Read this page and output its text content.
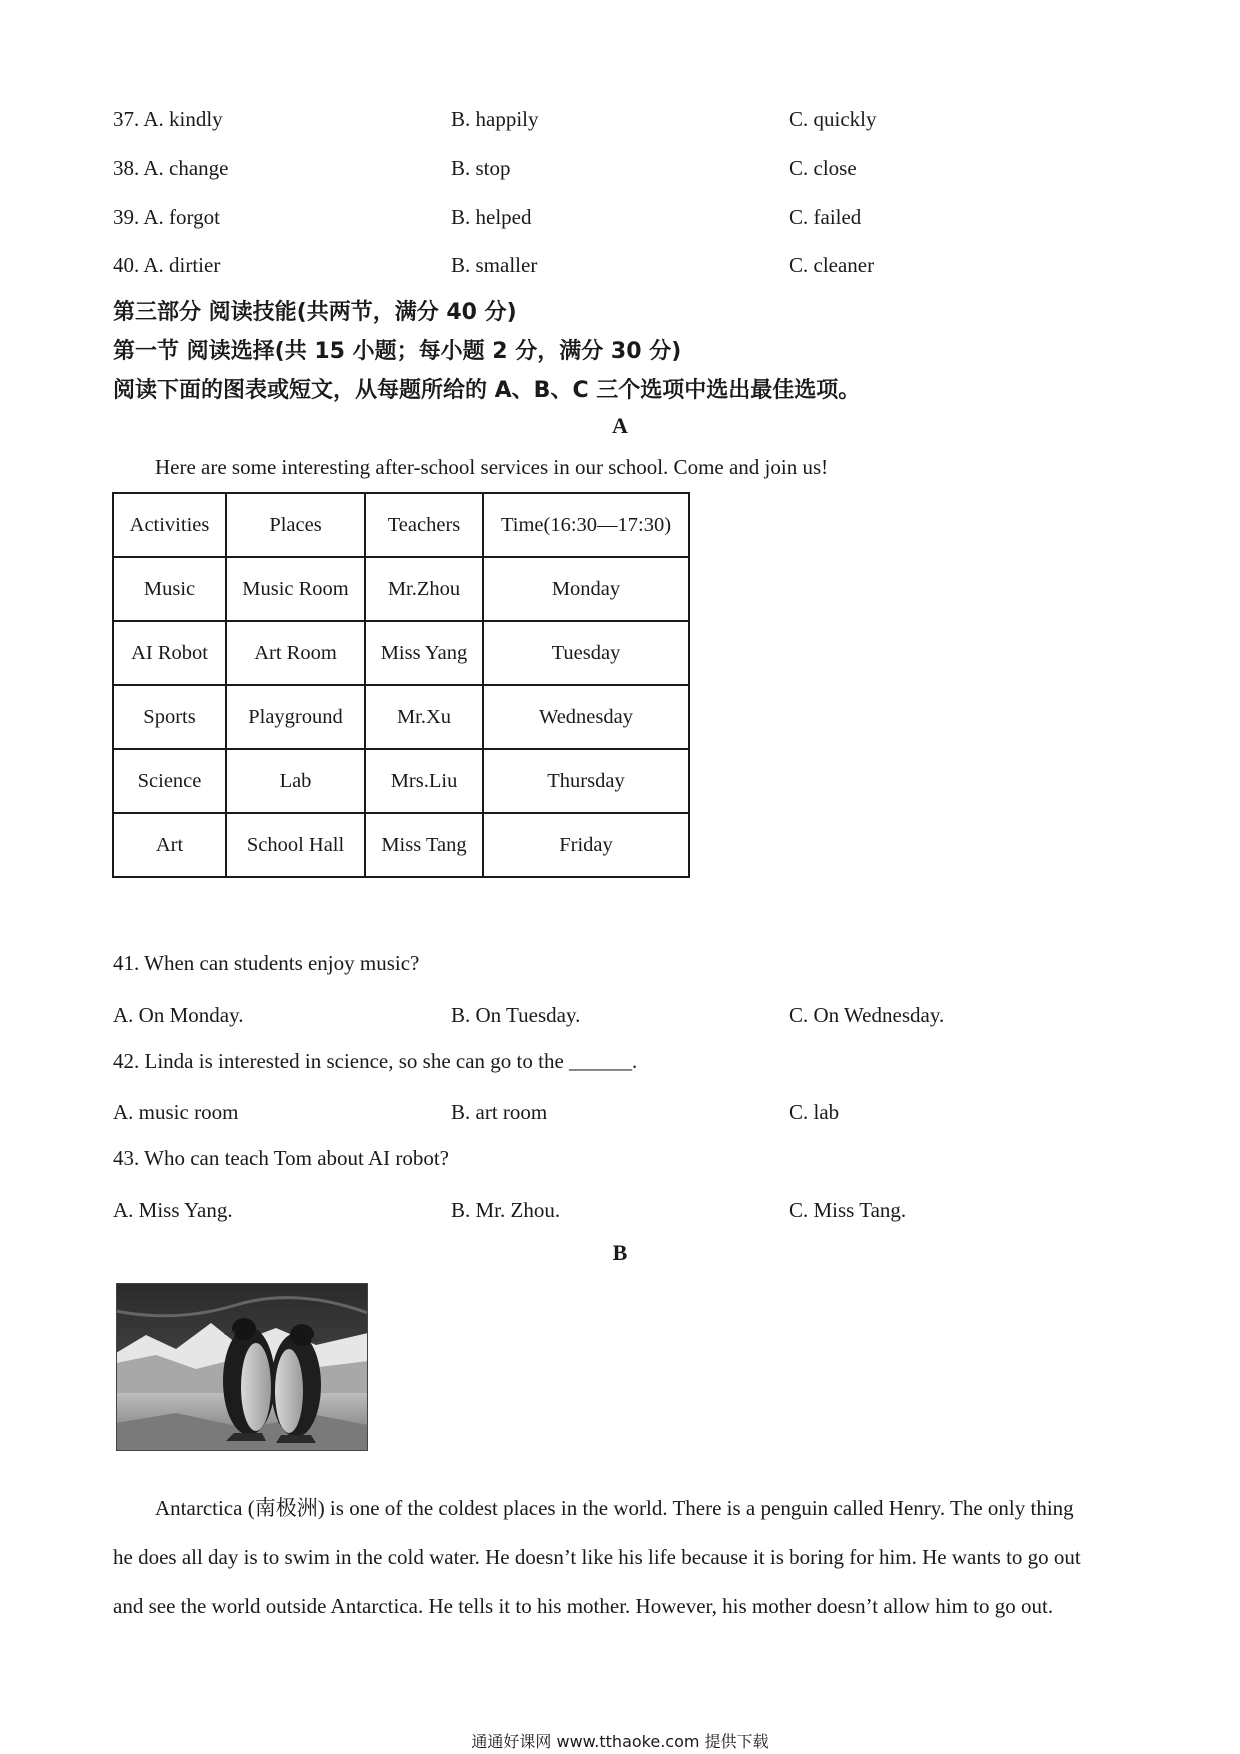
37. A. kindly	B. happily	C. quickly
38. A. change	B. stop	C. close
39. A. forgot	B. helped	C. failed
40. A. dirtier	B. smaller	C. cleaner
第三部分 阅读技能(共两节，满分 40 分)
第一节 阅读选择(共 15 小题；每小题 2 分，满分 30 分)
阅读下面的图表或短文，从每题所给的 A、B、C 三个选项中选出最佳选项。
A
Here are some interesting after-school services in our school. Come and join us!
Activities	Places	Teachers	Time(16:30—17:30)
Music	Music Room	Mr.Zhou	Monday
AI Robot	Art Room	Miss Yang	Tuesday
Sports	Playground	Mr.Xu	Wednesday
Science	Lab	Mrs.Liu	Thursday
Art	School Hall	Miss Tang	Friday
41. When can students enjoy music?
A. On Monday.	B. On Tuesday.	C. On Wednesday.
42. Linda is interested in science, so she can go to the ______.
A. music room	B. art room	C. lab
43. Who can teach Tom about AI robot?
A. Miss Yang.	B. Mr. Zhou.	C. Miss Tang.
B

Antarctica (南极洲) is one of the coldest places in the world. There is a penguin called Henry. The only thing

he does all day is to swim in the cold water. He doesn’t like his life because it is boring for him. He wants to go out
and see the world outside Antarctica. He tells it to his mother. However, his mother doesn’t allow him to go out.
通通好课网 www.tthaoke.com 提供下载
